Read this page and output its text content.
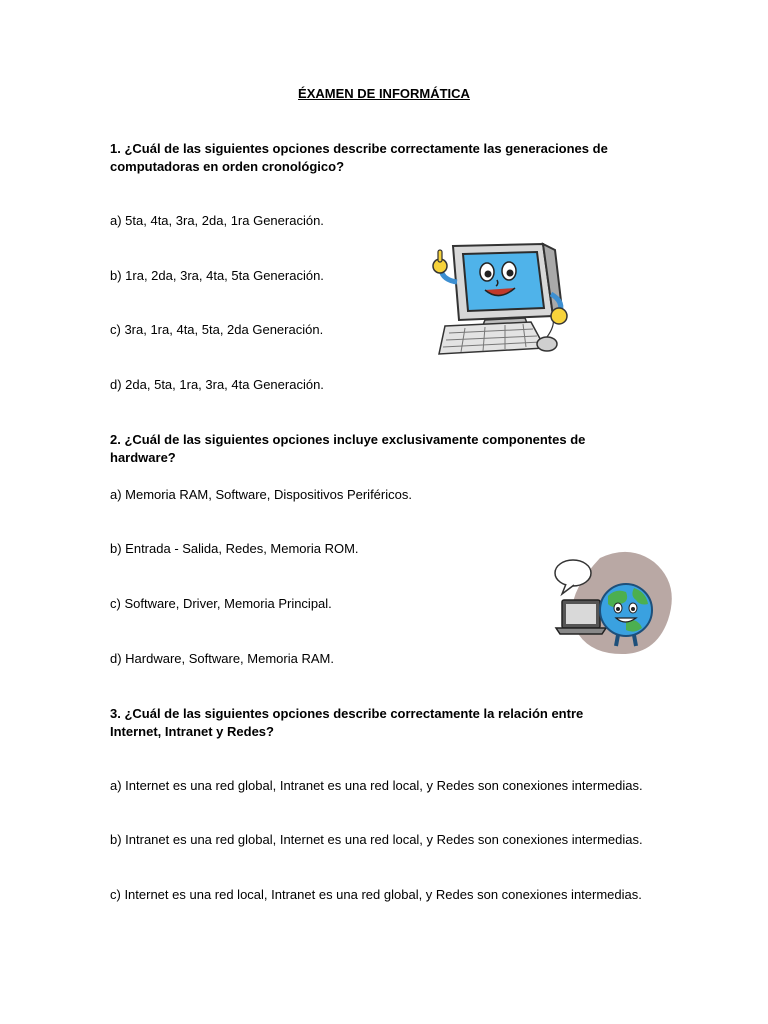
ÉXAMEN DE INFORMÁTICA
1. ¿Cuál de las siguientes opciones describe correctamente las generaciones de computadoras en orden cronológico?
a) 5ta, 4ta, 3ra, 2da, 1ra Generación.
b) 1ra, 2da, 3ra, 4ta, 5ta Generación.
c) 3ra, 1ra, 4ta, 5ta, 2da Generación.
d) 2da, 5ta, 1ra, 3ra, 4ta Generación.
2. ¿Cuál de las siguientes opciones incluye exclusivamente componentes de hardware?
a) Memoria RAM, Software, Dispositivos Periféricos.
b) Entrada - Salida, Redes, Memoria ROM.
c) Software, Driver, Memoria Principal.
d) Hardware, Software, Memoria RAM.
3. ¿Cuál de las siguientes opciones describe correctamente la relación entre Internet, Intranet y Redes?
a) Internet es una red global, Intranet es una red local, y Redes son conexiones intermedias.
b) Intranet es una red global, Internet es una red local, y Redes son conexiones intermedias.
c) Internet es una red local, Intranet es una red global, y Redes son conexiones intermedias.
